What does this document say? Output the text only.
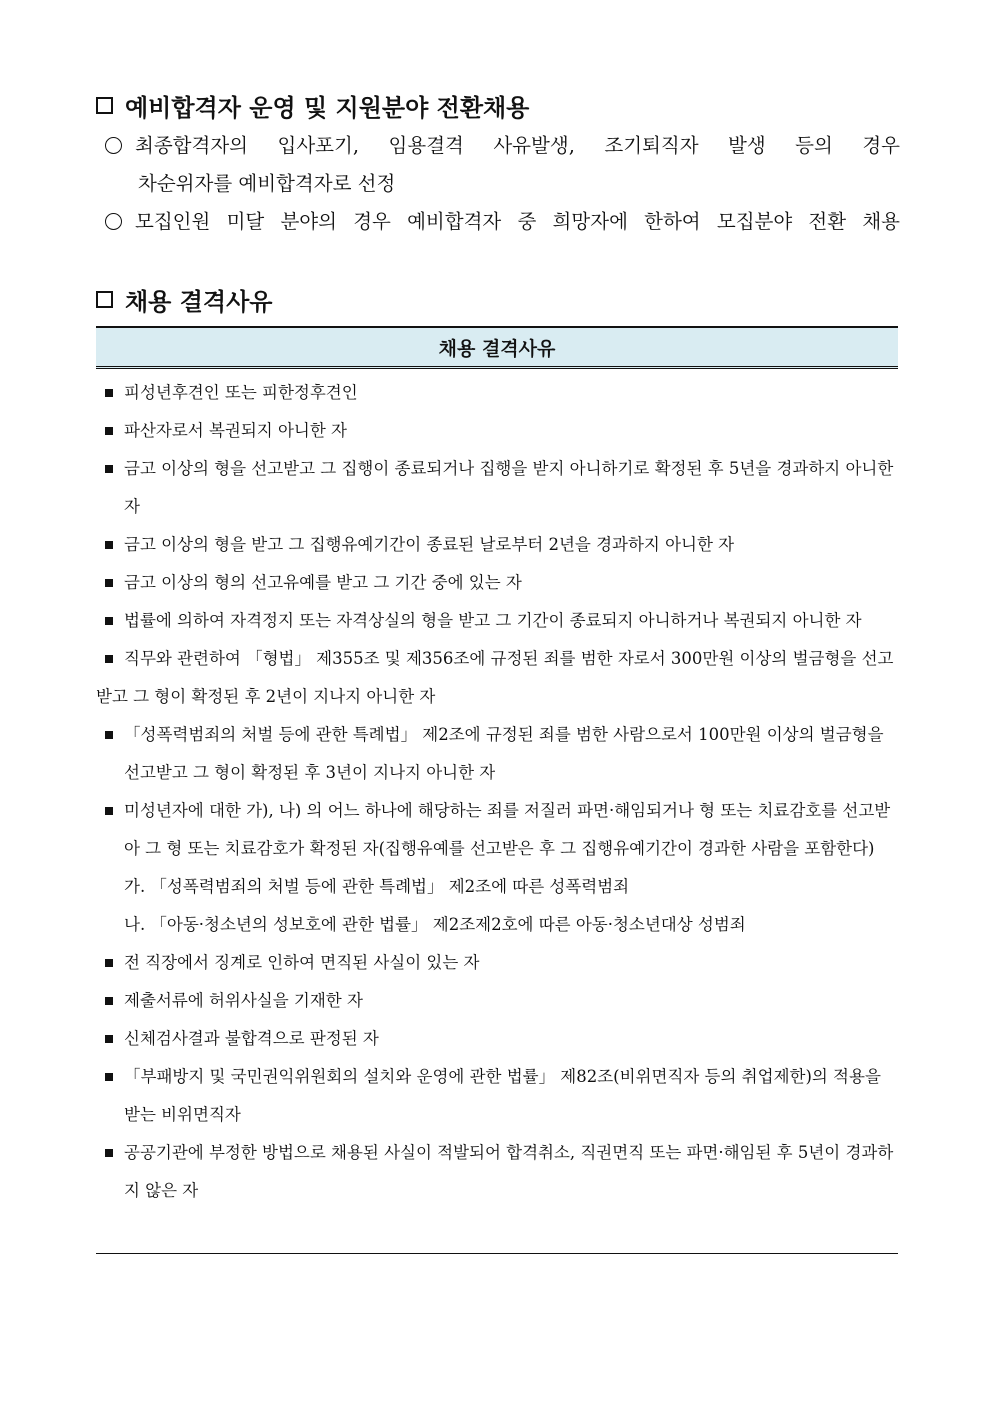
예비합격자 운영 및 지원분야 전환채용
최종합격자의 입사포기, 임용결격 사유발생, 조기퇴직자 발생 등의 경우
차순위자를 예비합격자로 선정
모집인원 미달 분야의 경우 예비합격자 중 희망자에 한하여 모집분야 전환 채용
채용 결격사유
채용 결격사유
피성년후견인 또는 피한정후견인
파산자로서 복권되지 아니한 자
금고 이상의 형을 선고받고 그 집행이 종료되거나 집행을 받지 아니하기로 확정된 후 5년을 경과하지 아니한 자
금고 이상의 형을 받고 그 집행유예기간이 종료된 날로부터 2년을 경과하지 아니한 자
금고 이상의 형의 선고유예를 받고 그 기간 중에 있는 자
법률에 의하여 자격정지 또는 자격상실의 형을 받고 그 기간이 종료되지 아니하거나 복권되지 아니한 자
직무와 관련하여 「형법」 제355조 및 제356조에 규정된 죄를 범한 자로서 300만원 이상의 벌금형을 선고받고 그 형이 확정된 후 2년이 지나지 아니한 자
「성폭력범죄의 처벌 등에 관한 특례법」 제2조에 규정된 죄를 범한 사람으로서 100만원 이상의 벌금형을 선고받고 그 형이 확정된 후 3년이 지나지 아니한 자
미성년자에 대한 가), 나) 의 어느 하나에 해당하는 죄를 저질러 파면·해임되거나 형 또는 치료감호를 선고받아 그 형 또는 치료감호가 확정된 자(집행유예를 선고받은 후 그 집행유예기간이 경과한 사람을 포함한다)
가. 「성폭력범죄의 처벌 등에 관한 특례법」 제2조에 따른 성폭력범죄
나. 「아동·청소년의 성보호에 관한 법률」 제2조제2호에 따른 아동·청소년대상 성범죄
전 직장에서 징계로 인하여 면직된 사실이 있는 자
제출서류에 허위사실을 기재한 자
신체검사결과 불합격으로 판정된 자
「부패방지 및 국민권익위원회의 설치와 운영에 관한 법률」 제82조(비위면직자 등의 취업제한)의 적용을 받는 비위면직자
공공기관에 부정한 방법으로 채용된 사실이 적발되어 합격취소, 직권면직 또는 파면·해임된 후 5년이 경과하지 않은 자
